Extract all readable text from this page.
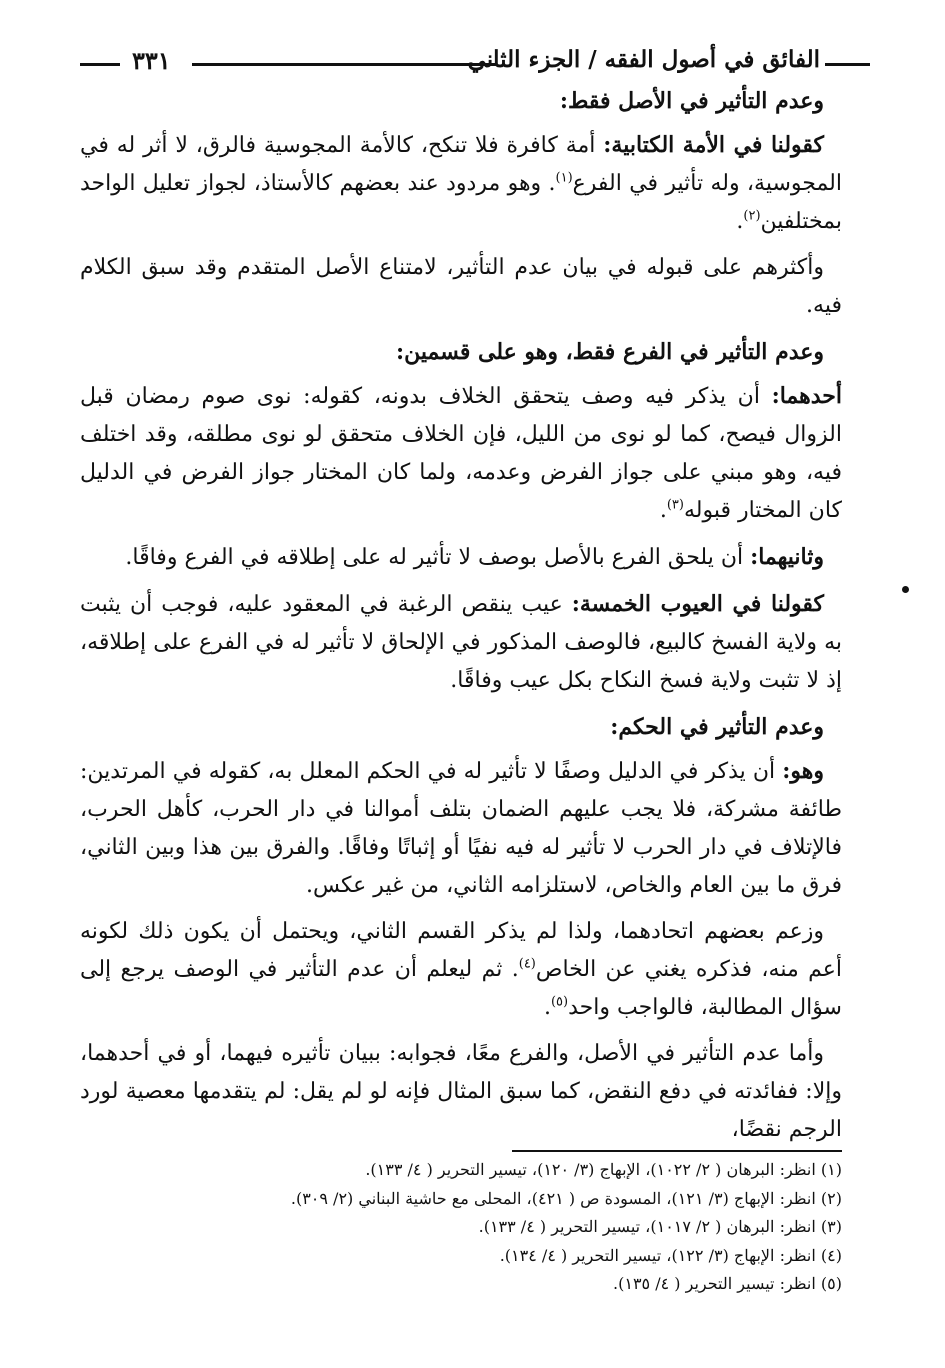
٣٣١	الفائق في أصول الفقه / الجزء الثاني
وعدم التأثير في الأصل فقط:

كقولنا في الأمة الكتابية: أمة كافرة فلا تنكح، كالأمة المجوسية فالرق، لا أثر له في المجوسية، وله تأثير في الفرع$^{(١)}$. وهو مردود عند بعضهم كالأستاذ، لجواز تعليل الواحد بمختلفين$^{(٢)}$.

وأكثرهم على قبوله في بيان عدم التأثير، لامتناع الأصل المتقدم وقد سبق الكلام فيه.

وعدم التأثير في الفرع فقط، وهو على قسمين:

أحدهما: أن يذكر فيه وصف يتحقق الخلاف بدونه، كقوله: نوى صوم رمضان قبل الزوال فيصح، كما لو نوى من الليل، فإن الخلاف متحقق لو نوى مطلقه، وقد اختلف فيه، وهو مبني على جواز الفرض وعدمه، ولما كان المختار جواز الفرض في الدليل كان المختار قبوله$^{(٣)}$.

وثانيهما: أن يلحق الفرع بالأصل بوصف لا تأثير له على إطلاقه في الفرع وفاقًا.

كقولنا في العيوب الخمسة: عيب ينقص الرغبة في المعقود عليه، فوجب أن يثبت به ولاية الفسخ كالبيع، فالوصف المذكور في الإلحاق لا تأثير له في الفرع على إطلاقه، إذ لا تثبت ولاية فسخ النكاح بكل عيب وفاقًا.

وعدم التأثير في الحكم:

وهو: أن يذكر في الدليل وصفًا لا تأثير له في الحكم المعلل به، كقوله في المرتدين: طائفة مشركة، فلا يجب عليهم الضمان بتلف أموالنا في دار الحرب، كأهل الحرب، فالإتلاف في دار الحرب لا تأثير له فيه نفيًا أو إثباتًا وفاقًا. والفرق بين هذا وبين الثاني، فرق ما بين العام والخاص، لاستلزامه الثاني، من غير عكس.

وزعم بعضهم اتحادهما، ولذا لم يذكر القسم الثاني، ويحتمل أن يكون ذلك لكونه أعم منه، فذكره يغني عن الخاص$^{(٤)}$. ثم ليعلم أن عدم التأثير في الوصف يرجع إلى سؤال المطالبة، فالواجب واحد$^{(٥)}$.

وأما عدم التأثير في الأصل، والفرع معًا، فجوابه: ببيان تأثيره فيهما، أو في أحدهما، وإلا: ففائدته في دفع النقض، كما سبق المثال فإنه لو لم يقل: لم يتقدمها معصية لورد الرجم نقضًا،

(١) انظر: البرهان ( ٢/ ١٠٢٢)، الإبهاج (٣/ ١٢٠)، تيسير التحرير ( ٤/ ١٣٣).

(٢) انظر: الإبهاج (٣/ ١٢١)، المسودة ص ( ٤٢١)، المحلى مع حاشية البناني (٢/ ٣٠٩).

(٣) انظر: البرهان ( ٢/ ١٠١٧)، تيسير التحرير ( ٤/ ١٣٣).

(٤) انظر: الإبهاج (٣/ ١٢٢)، تيسير التحرير ( ٤/ ١٣٤).

(٥) انظر: تيسير التحرير ( ٤/ ١٣٥).
